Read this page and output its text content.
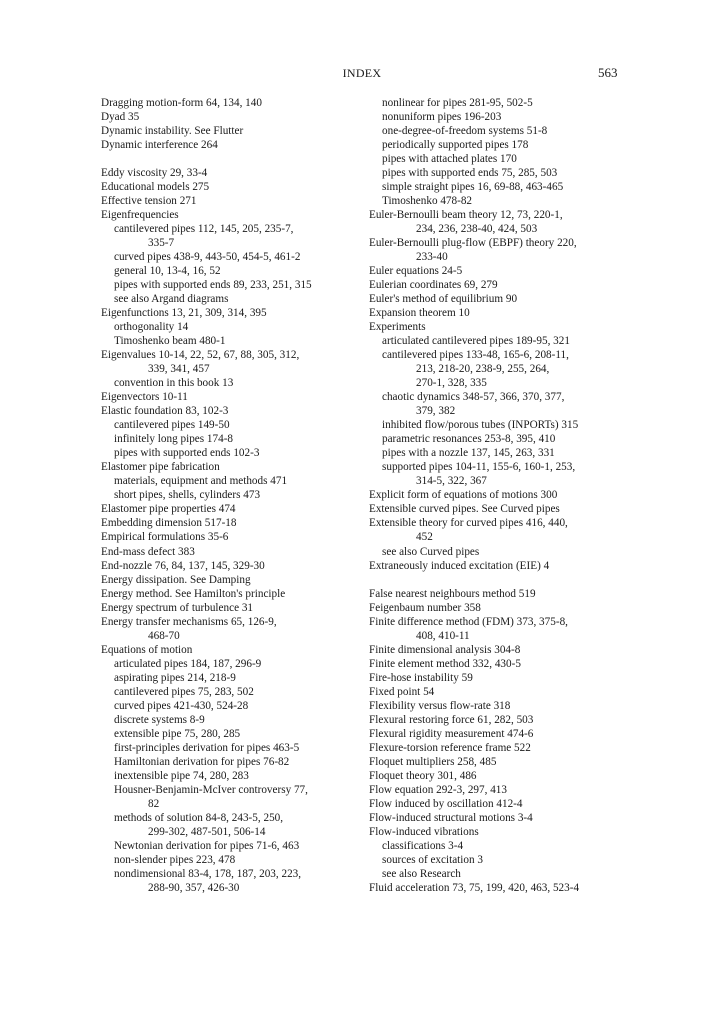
INDEX	563
Dragging motion-form 64, 134, 140
Dyad 35
Dynamic instability. See Flutter
Dynamic interference 264
Eddy viscosity 29, 33-4
Educational models 275
Effective tension 271
Eigenfrequencies
cantilevered pipes 112, 145, 205, 235-7,
335-7
curved pipes 438-9, 443-50, 454-5, 461-2
general 10, 13-4, 16, 52
pipes with supported ends 89, 233, 251, 315
see also Argand diagrams
Eigenfunctions 13, 21, 309, 314, 395
orthogonality 14
Timoshenko beam 480-1
Eigenvalues 10-14, 22, 52, 67, 88, 305, 312,
339, 341, 457
convention in this book 13
Eigenvectors 10-11
Elastic foundation 83, 102-3
cantilevered pipes 149-50
infinitely long pipes 174-8
pipes with supported ends 102-3
Elastomer pipe fabrication
materials, equipment and methods 471
short pipes, shells, cylinders 473
Elastomer pipe properties 474
Embedding dimension 517-18
Empirical formulations 35-6
End-mass defect 383
End-nozzle 76, 84, 137, 145, 329-30
Energy dissipation. See Damping
Energy method. See Hamilton's principle
Energy spectrum of turbulence 31
Energy transfer mechanisms 65, 126-9,
468-70
Equations of motion
articulated pipes 184, 187, 296-9
aspirating pipes 214, 218-9
cantilevered pipes 75, 283, 502
curved pipes 421-430, 524-28
discrete systems 8-9
extensible pipe 75, 280, 285
first-principles derivation for pipes 463-5
Hamiltonian derivation for pipes 76-82
inextensible pipe 74, 280, 283
Housner-Benjamin-McIver controversy 77,
82
methods of solution 84-8, 243-5, 250,
299-302, 487-501, 506-14
Newtonian derivation for pipes 71-6, 463
non-slender pipes 223, 478
nondimensional 83-4, 178, 187, 203, 223,
288-90, 357, 426-30
nonlinear for pipes 281-95, 502-5
nonuniform pipes 196-203
one-degree-of-freedom systems 51-8
periodically supported pipes 178
pipes with attached plates 170
pipes with supported ends 75, 285, 503
simple straight pipes 16, 69-88, 463-465
Timoshenko 478-82
Euler-Bernoulli beam theory 12, 73, 220-1,
234, 236, 238-40, 424, 503
Euler-Bernoulli plug-flow (EBPF) theory 220,
233-40
Euler equations 24-5
Eulerian coordinates 69, 279
Euler's method of equilibrium 90
Expansion theorem 10
Experiments
articulated cantilevered pipes 189-95, 321
cantilevered pipes 133-48, 165-6, 208-11,
213, 218-20, 238-9, 255, 264,
270-1, 328, 335
chaotic dynamics 348-57, 366, 370, 377,
379, 382
inhibited flow/porous tubes (INPORTs) 315
parametric resonances 253-8, 395, 410
pipes with a nozzle 137, 145, 263, 331
supported pipes 104-11, 155-6, 160-1, 253,
314-5, 322, 367
Explicit form of equations of motions 300
Extensible curved pipes. See Curved pipes
Extensible theory for curved pipes 416, 440,
452
see also Curved pipes
Extraneously induced excitation (EIE) 4
False nearest neighbours method 519
Feigenbaum number 358
Finite difference method (FDM) 373, 375-8,
408, 410-11
Finite dimensional analysis 304-8
Finite element method 332, 430-5
Fire-hose instability 59
Fixed point 54
Flexibility versus flow-rate 318
Flexural restoring force 61, 282, 503
Flexural rigidity measurement 474-6
Flexure-torsion reference frame 522
Floquet multipliers 258, 485
Floquet theory 301, 486
Flow equation 292-3, 297, 413
Flow induced by oscillation 412-4
Flow-induced structural motions 3-4
Flow-induced vibrations
classifications 3-4
sources of excitation 3
see also Research
Fluid acceleration 73, 75, 199, 420, 463, 523-4
